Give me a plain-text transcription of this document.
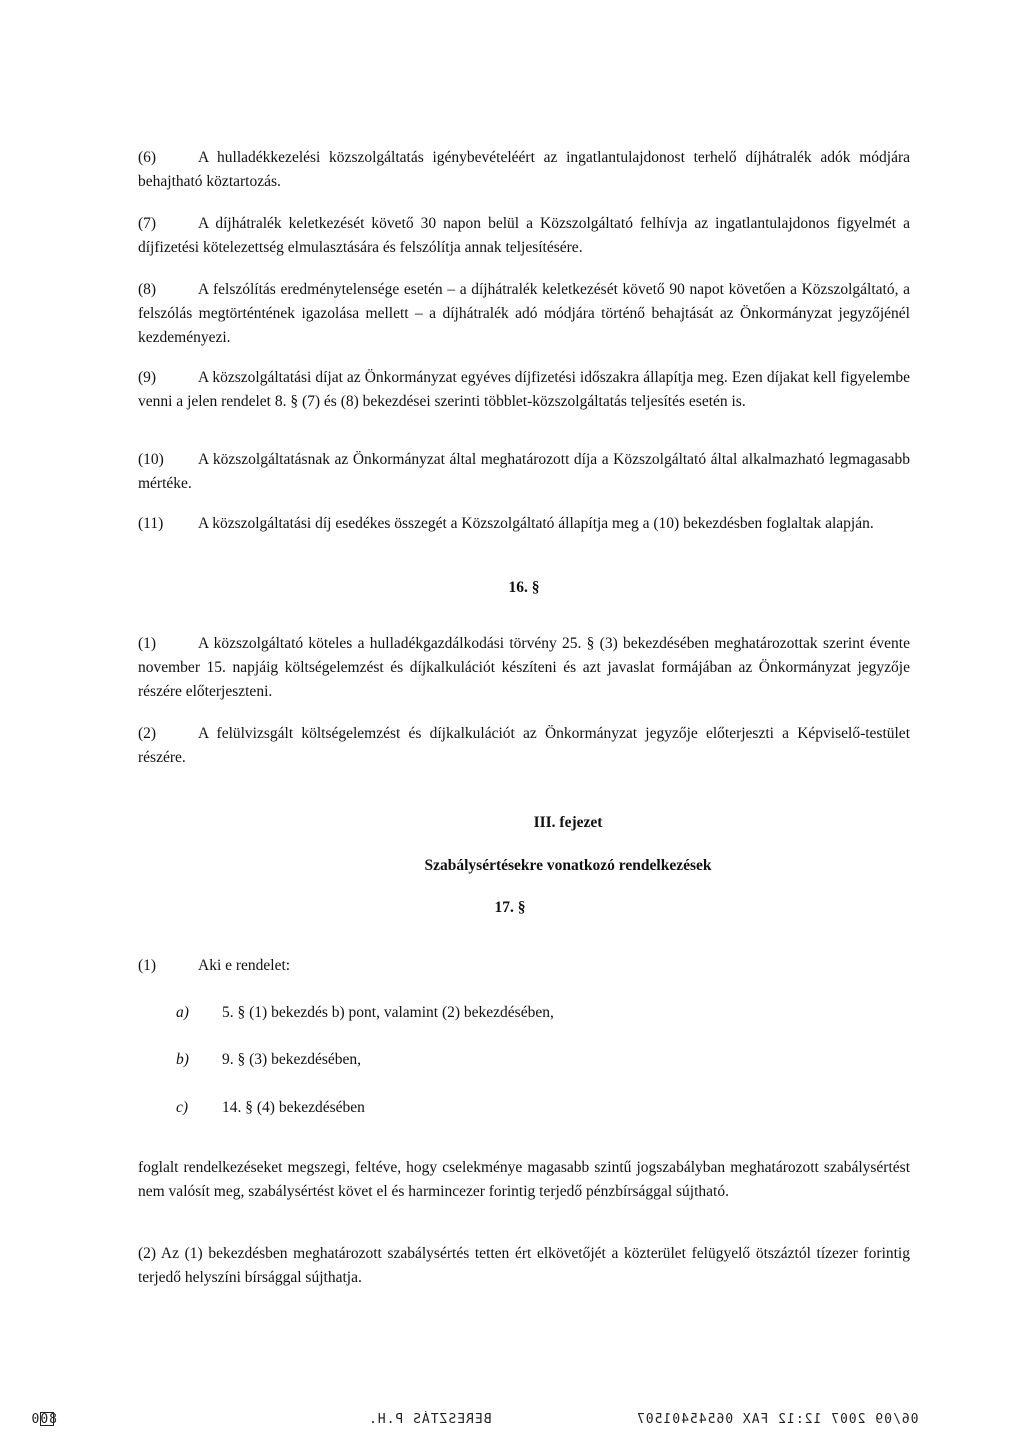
(6)	A hulladékkezelési közszolgáltatás igénybevételéért az ingatlantulajdonost terhelő díjhátralék adók módjára behajtható köztartozás.
(7)	A díjhátralék keletkezését követő 30 napon belül a Közszolgáltató felhívja az ingatlantulajdonos figyelmét a díjfizetési kötelezettség elmulasztására és felszólítja annak teljesítésére.
(8)	A felszólítás eredménytelensége esetén – a díjhátralék keletkezését követő 90 napot követően a Közszolgáltató, a felszólás megtörténtének igazolása mellett – a díjhátralék adó módjára történő behajtását az Önkormányzat jegyzőjénél kezdeményezi.
(9)	A közszolgáltatási díjat az Önkormányzat egyéves díjfizetési időszakra állapítja meg. Ezen díjakat kell figyelembe venni a jelen rendelet 8. § (7) és (8) bekezdései szerinti többlet-közszolgáltatás teljesítés esetén is.
(10) A közszolgáltatásnak az Önkormányzat által meghatározott díja a Közszolgáltató által alkalmazható legmagasabb mértéke.
(11) A közszolgáltatási díj esedékes összegét a Közszolgáltató állapítja meg a (10) bekezdésben foglaltak alapján.
16. §
(1)	A közszolgáltató köteles a hulladékgazdálkodási törvény 25. § (3) bekezdésében meghatározottak szerint évente november 15. napjáig költségelemzést és díjkalkulációt készíteni és azt javaslat formájában az Önkormányzat jegyzője részére előterjeszteni.
(2)	A felülvizsgált költségelemzést és díjkalkulációt az Önkormányzat jegyzője előterjeszti a Képviselő-testület részére.
III. fejezet
Szabálysértésekre vonatkozó rendelkezések
17. §
(1)	Aki e rendelet:
a) 5. § (1) bekezdés b) pont, valamint (2) bekezdésében,
b) 9. § (3) bekezdésében,
c) 14. § (4) bekezdésében
foglalt rendelkezéseket megszegi, feltéve, hogy cselekménye magasabb szintű jogszabályban meghatározott szabálysértést nem valósít meg, szabálysértést követ el és harmincezer forintig terjedő pénzbírsággal sújtható.
(2) Az (1) bekezdésben meghatározott szabálysértés tetten ért elkövetőjét a közterület felügyelő ötszáztól tízezer forintig terjedő helyszíni bírsággal sújthatja.
008	BERESZTÁS P.H.	06/09 2007 12:12 FAX 06545401507
